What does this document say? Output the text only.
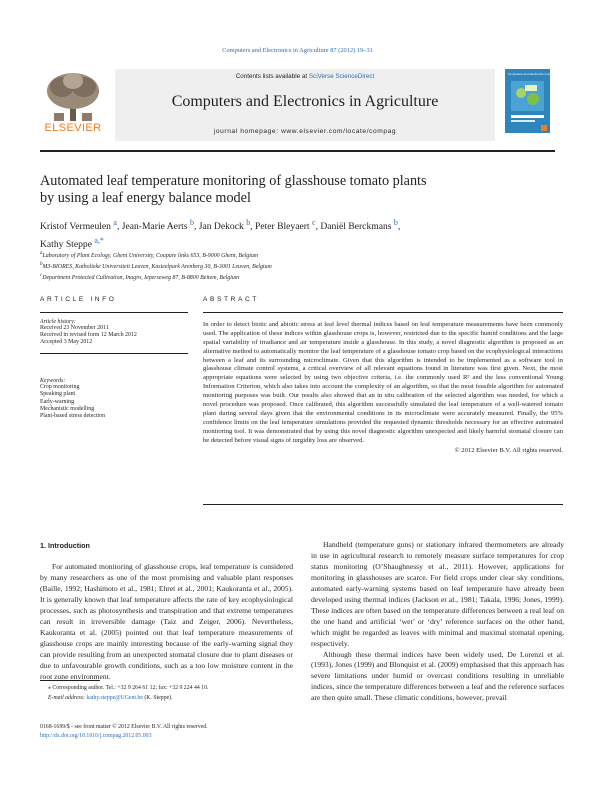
Computers and Electronics in Agriculture 87 (2012) 19–31
ELSEVIER
Contents lists available at SciVerse ScienceDirect
Computers and Electronics in Agriculture
journal homepage: www.elsevier.com/locate/compag
Computers and electronics in agriculture
Automated leaf temperature monitoring of glasshouse tomato plants
by using a leaf energy balance model
Kristof Vermeulen $^a$, Jean-Marie Aerts $^b$, Jan Dekock $^b$, Peter Bleyaert $^c$, Daniël Berckmans $^b$,
Kathy Steppe $^{a,*}$
$^a$Laboratory of Plant Ecology, Ghent University, Coupure links 653, B-9000 Ghent, Belgium
$^b$M3-BIORES, Katholieke Universiteit Leuven, Kasteelpark Arenberg 30, B-3001 Leuven, Belgium
$^c$Department Protected Cultivation, Inagro, Ieperseweg 87, B-8800 Beitem, Belgium
ARTICLE INFO
Article history:
Received 23 November 2011
Received in revised form 12 March 2012
Accepted 3 May 2012
Keywords:
Crop monitoring
Speaking plant
Early-warning
Mechanistic modelling
Plant-based stress detection
ABSTRACT
In order to detect biotic and abiotic stress at leaf level thermal indices based on leaf temperature measurements have been commonly used. The application of these indices within glasshouse crops is, however, restricted due to the specific humid conditions and the large spatial variability of irradiance and air temperature inside a glasshouse. In this study, a novel diagnostic algorithm is proposed as an alternative method to automatically monitor the leaf temperature of a glasshouse tomato crop based on the ecophysiological interactions between a leaf and its surrounding microclimate. Given that this algorithm is intended to be implemented as a software tool in glasshouse climate control systems, a critical overview of all relevant equations found in literature was first given. Next, the most appropriate equations were selected by using two objective criteria, i.e. the commonly used R² and the less conventional Young Information Criterion, which also takes into account the complexity of an algorithm, so that the most feasible algorithm for automated monitoring purposes was built. Our results also showed that an in situ calibration of the selected algorithm was needed, for which a novel procedure was proposed. Once calibrated, this algorithm successfully simulated the leaf temperature of a well-watered tomato plant during several days given that the environmental conditions in its microclimate were accurately measured. Finally, the 95% confidence limits on the leaf temperature simulations provided the requested dynamic thresholds necessary for an effective automated monitoring tool. It was demonstrated that by using this novel diagnostic algorithm unexpected and likely harmful stomatal closure can be detected before visual signs of turgidity loss are observed.
© 2012 Elsevier B.V. All rights reserved.
1. Introduction
For automated monitoring of glasshouse crops, leaf temperature is considered by many researchers as one of the most promising and valuable plant responses (Baille, 1992; Hashimoto et al., 1981; Ehret et al., 2001; Kaukoranta et al., 2005). It is generally known that leaf temperature affects the rate of key ecophysiological processes, such as photosynthesis and transpiration and that extreme temperatures can result in irreversible damage (Taiz and Zeiger, 2006). Nevertheless, Kaukoranta et al. (2005) pointed out that leaf temperature measurements of glasshouse crops are mainly interesting because of the early-warning signal they can provide resulting from an unexpected stomatal closure due to plant diseases or due to unfavourable growth conditions, such as a too low moisture content in the root zone environment.

Handheld (temperature guns) or stationary infrared thermometers are already in use in agricultural research to remotely measure surface temperatures for crop status monitoring (O’Shaughnessy et al., 2011). However, applications for monitoring in glasshouses are scarce. For field crops under clear sky conditions, automated early-warning systems based on leaf temperature have already been developed using thermal indices (Jackson et al., 1981; Takala, 1996; Jones, 1999). These indices are often based on the temperature differences between a real leaf on the one hand and artificial ‘wet’ or ‘dry’ reference surfaces on the other hand, which might be regarded as leaves with minimal and maximal stomatal opening, respectively.

Although these thermal indices have been widely used, De Lorenzi et al. (1993), Jones (1999) and Blonquist et al. (2009) emphasised that this approach has severe limitations under humid or overcast conditions resulting in unreliable indices, since the temperature differences between a leaf and the reference surfaces are then quite small. These climatic conditions, however, prevail

⁎ Corresponding author. Tel.: +32 9 264 61 12; fax: +32 9 224 44 10.
E-mail address: kathy.steppe@UGent.be (K. Steppe).
0168-1699/$ - see front matter © 2012 Elsevier B.V. All rights reserved.
http://dx.doi.org/10.1016/j.compag.2012.05.003
